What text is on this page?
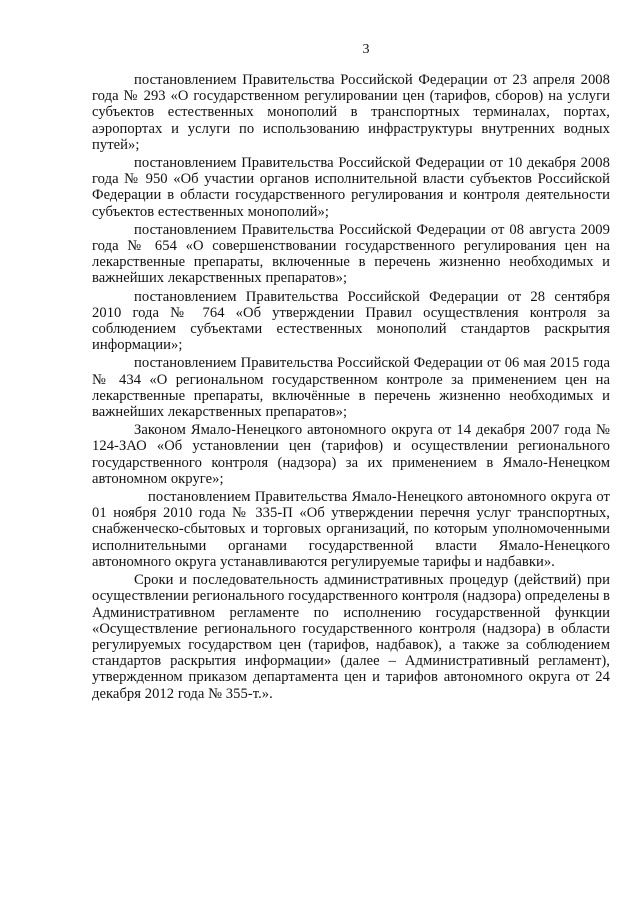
3

постановлением Правительства Российской Федерации от 23 апреля 2008 года № 293 «О государственном регулировании цен (тарифов, сборов) на услуги субъектов естественных монополий в транспортных терминалах, портах, аэропортах и услуги по использованию инфраструктуры внутренних водных путей»;

постановлением Правительства Российской Федерации от 10 декабря 2008 года № 950 «Об участии органов исполнительной власти субъектов Российской Федерации в области государственного регулирования и контроля деятельности субъектов естественных монополий»;

постановлением Правительства Российской Федерации от 08 августа 2009 года № 654 «О совершенствовании государственного регулирования цен на лекарственные препараты, включенные в перечень жизненно необходимых и важнейших лекарственных препаратов»;

постановлением Правительства Российской Федерации от 28 сентября 2010 года № 764 «Об утверждении Правил осуществления контроля за соблюдением субъектами естественных монополий стандартов раскрытия информации»;

постановлением Правительства Российской Федерации от 06 мая 2015 года № 434 «О региональном государственном контроле за применением цен на лекарственные препараты, включённые в перечень жизненно необходимых и важнейших лекарственных препаратов»;

Законом Ямало-Ненецкого автономного округа от 14 декабря 2007 года № 124-ЗАО «Об установлении цен (тарифов) и осуществлении регионального государственного контроля (надзора) за их применением в Ямало-Ненецком автономном округе»;

постановлением Правительства Ямало-Ненецкого автономного округа от 01 ноября 2010 года № 335-П «Об утверждении перечня услуг транспортных, снабженческо-сбытовых и торговых организаций, по которым уполномоченными исполнительными органами государственной власти Ямало-Ненецкого автономного округа устанавливаются регулируемые тарифы и надбавки».

Сроки и последовательность административных процедур (действий) при осуществлении регионального государственного контроля (надзора) определены в Административном регламенте по исполнению государственной функции «Осуществление регионального государственного контроля (надзора) в области регулируемых государством цен (тарифов, надбавок), а также за соблюдением стандартов раскрытия информации» (далее – Административный регламент), утвержденном приказом департамента цен и тарифов автономного округа от 24 декабря 2012 года № 355-т.».
